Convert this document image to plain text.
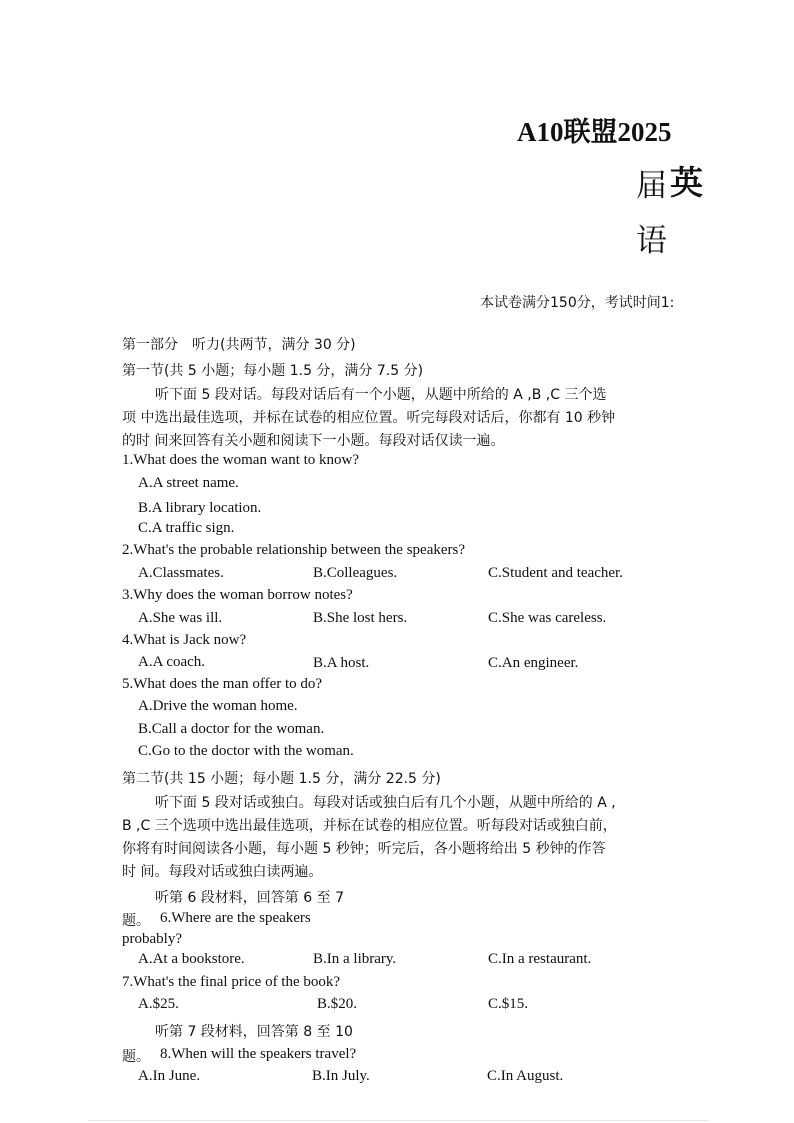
A10联盟2025
届 英
语
本试卷满分150分，考试时间1:
第一部分　听力(共两节，满分 30 分)
第一节(共 5 小题；每小题 1.5 分，满分 7.5 分)
听下面 5 段对话。每段对话后有一个小题，从题中所给的 A ,B ,C 三个选
项 中选出最佳选项，并标在试卷的相应位置。听完每段对话后，你都有 10 秒钟
的时 间来回答有关小题和阅读下一小题。每段对话仅读一遍。
1.What does the woman want to know?
A.A street name.
B.A library location.
C.A traffic sign.
2.What's the probable relationship between the speakers?
A.Classmates.	B.Colleagues.	C.Student and teacher.
3.Why does the woman borrow notes?
A.She was ill.	B.She lost hers.	C.She was careless.
4.What is Jack now?
A.A coach.	B.A host.	C.An engineer.
5.What does the man offer to do?
A.Drive the woman home.
B.Call a doctor for the woman.
C.Go to the doctor with the woman.
第二节(共 15 小题；每小题 1.5 分，满分 22.5 分)
听下面 5 段对话或独白。每段对话或独白后有几个小题，从题中所给的 A ,
B ,C 三个选项中选出最佳选项，并标在试卷的相应位置。听每段对话或独白前，
你将有时间阅读各小题，每小题 5 秒钟；听完后，各小题将给出 5 秒钟的作答
时 间。每段对话或独白读两遍。
听第 6 段材料，回答第 6 至 7
题。 6.Where are the speakers
probably?
A.At a bookstore.	B.In a library.	C.In a restaurant.
7.What's the final price of the book?
A.$25.	B.$20.	C.$15.
听第 7 段材料，回答第 8 至 10
题。 8.When will the speakers travel?
A.In June.	B.In July.	C.In August.
